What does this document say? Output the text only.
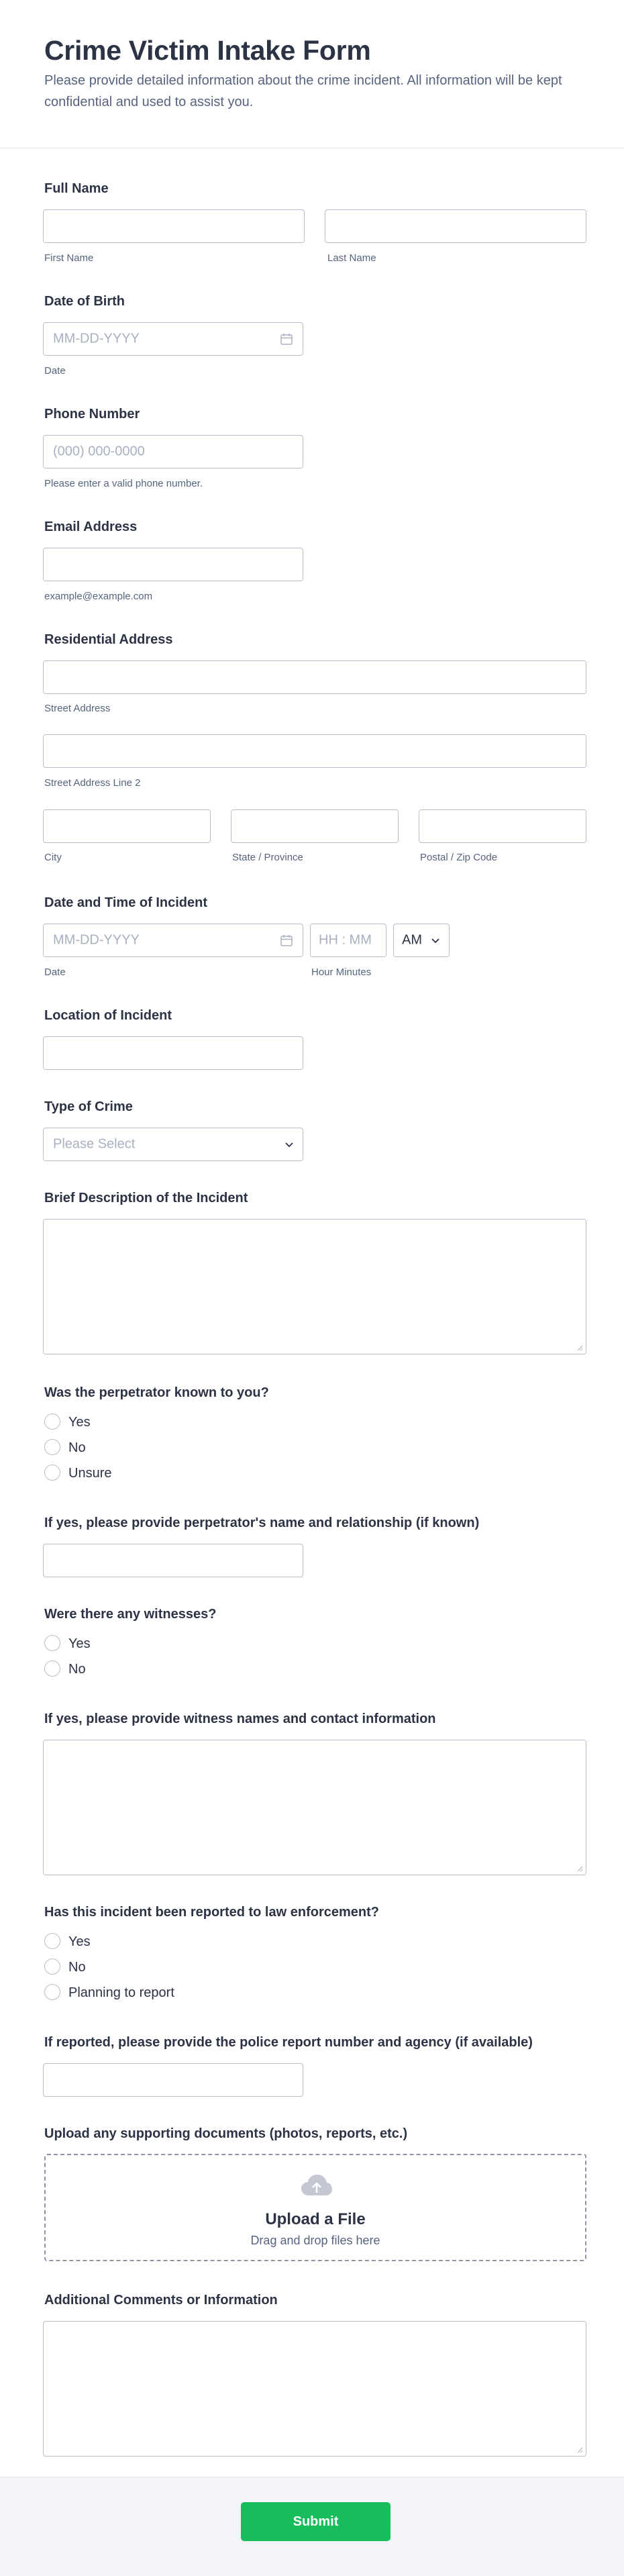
Crime Victim Intake Form

Please provide detailed information about the crime incident. All information will be kept confidential and used to assist you.

Full Name
First Name	Last Name
Date of Birth
MM-DD-YYYY
Date
Phone Number
(000) 000-0000
Please enter a valid phone number.
Email Address
example@example.com
Residential Address
Street Address
Street Address Line 2
City	State / Province	Postal / Zip Code
Date and Time of Incident
MM-DD-YYYY	HH : MM AM
Date	Hour Minutes
Location of Incident
Type of Crime
Please Select
Brief Description of the Incident
Was the perpetrator known to you?
Yes
No
Unsure
If yes, please provide perpetrator's name and relationship (if known)
Were there any witnesses?
Yes
No
If yes, please provide witness names and contact information
Has this incident been reported to law enforcement?
Yes
No
Planning to report
If reported, please provide the police report number and agency (if available)
Upload any supporting documents (photos, reports, etc.)
Upload a File
Drag and drop files here
Additional Comments or Information
Submit
